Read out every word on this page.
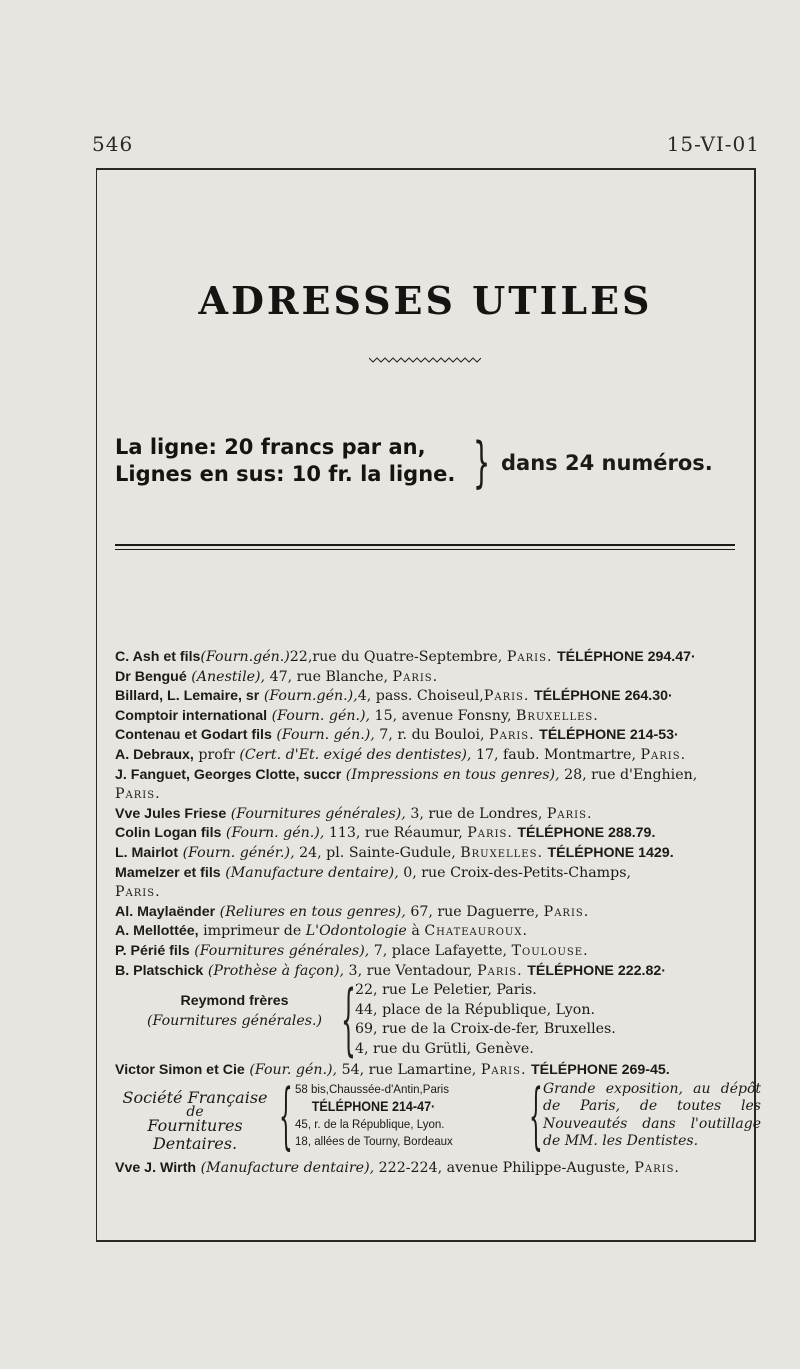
546	15-VI-01
ADRESSES UTILES
La ligne: 20 francs par an,
Lignes en sus: 10 fr. la ligne. } dans 24 numéros.
C. Ash et fils(Fourn.gén.)22,rue du Quatre-Septembre, Paris. TÉLÉPHONE 294.47·
Dr Bengué (Anestile), 47, rue Blanche, Paris.
Billard, L. Lemaire, sr (Fourn.gén.),4, pass. Choiseul,Paris. TÉLÉPHONE 264.30·
Comptoir international (Fourn. gén.), 15, avenue Fonsny, Bruxelles.
Contenau et Godart fils (Fourn. gén.), 7, r. du Bouloi, Paris. TÉLÉPHONE 214-53·
A. Debraux, profr (Cert. d'Et. exigé des dentistes), 17, faub. Montmartre, Paris.
J. Fanguet, Georges Clotte, succr (Impressions en tous genres), 28, rue d'Enghien,
Paris.
Vve Jules Friese (Fournitures générales), 3, rue de Londres, Paris.
Colin Logan fils (Fourn. gén.), 113, rue Réaumur, Paris. TÉLÉPHONE 288.79.
L. Mairlot (Fourn. génér.), 24, pl. Sainte-Gudule, Bruxelles. TÉLÉPHONE 1429.
Mamelzer et fils (Manufacture dentaire), 0, rue Croix-des-Petits-Champs,
Paris.
Al. Maylaënder (Reliures en tous genres), 67, rue Daguerre, Paris.
A. Mellottée, imprimeur de L'Odontologie à Chateauroux.
P. Périé fils (Fournitures générales), 7, place Lafayette, Toulouse.
B. Platschick (Prothèse à façon), 3, rue Ventadour, Paris. TÉLÉPHONE 222.82·
Reymond frères
(Fournitures générales.) { 22, rue Le Peletier, Paris.
44, place de la République, Lyon.
69, rue de la Croix-de-fer, Bruxelles.
4, rue du Grütli, Genève.
Victor Simon et Cie (Four. gén.), 54, rue Lamartine, Paris. TÉLÉPHONE 269-45.
Société Française
de
Fournitures Dentaires. { 58 bis,Chaussée-d'Antin,Paris
TÉLÉPHONE 214-47·
45, r. de la République, Lyon.
18, allées de Tourny, Bordeaux { Grande exposition, au dépôt de Paris, de toutes les Nouveautés dans l'outillage de MM. les Dentistes.
Vve J. Wirth (Manufacture dentaire), 222-224, avenue Philippe-Auguste, Paris.
